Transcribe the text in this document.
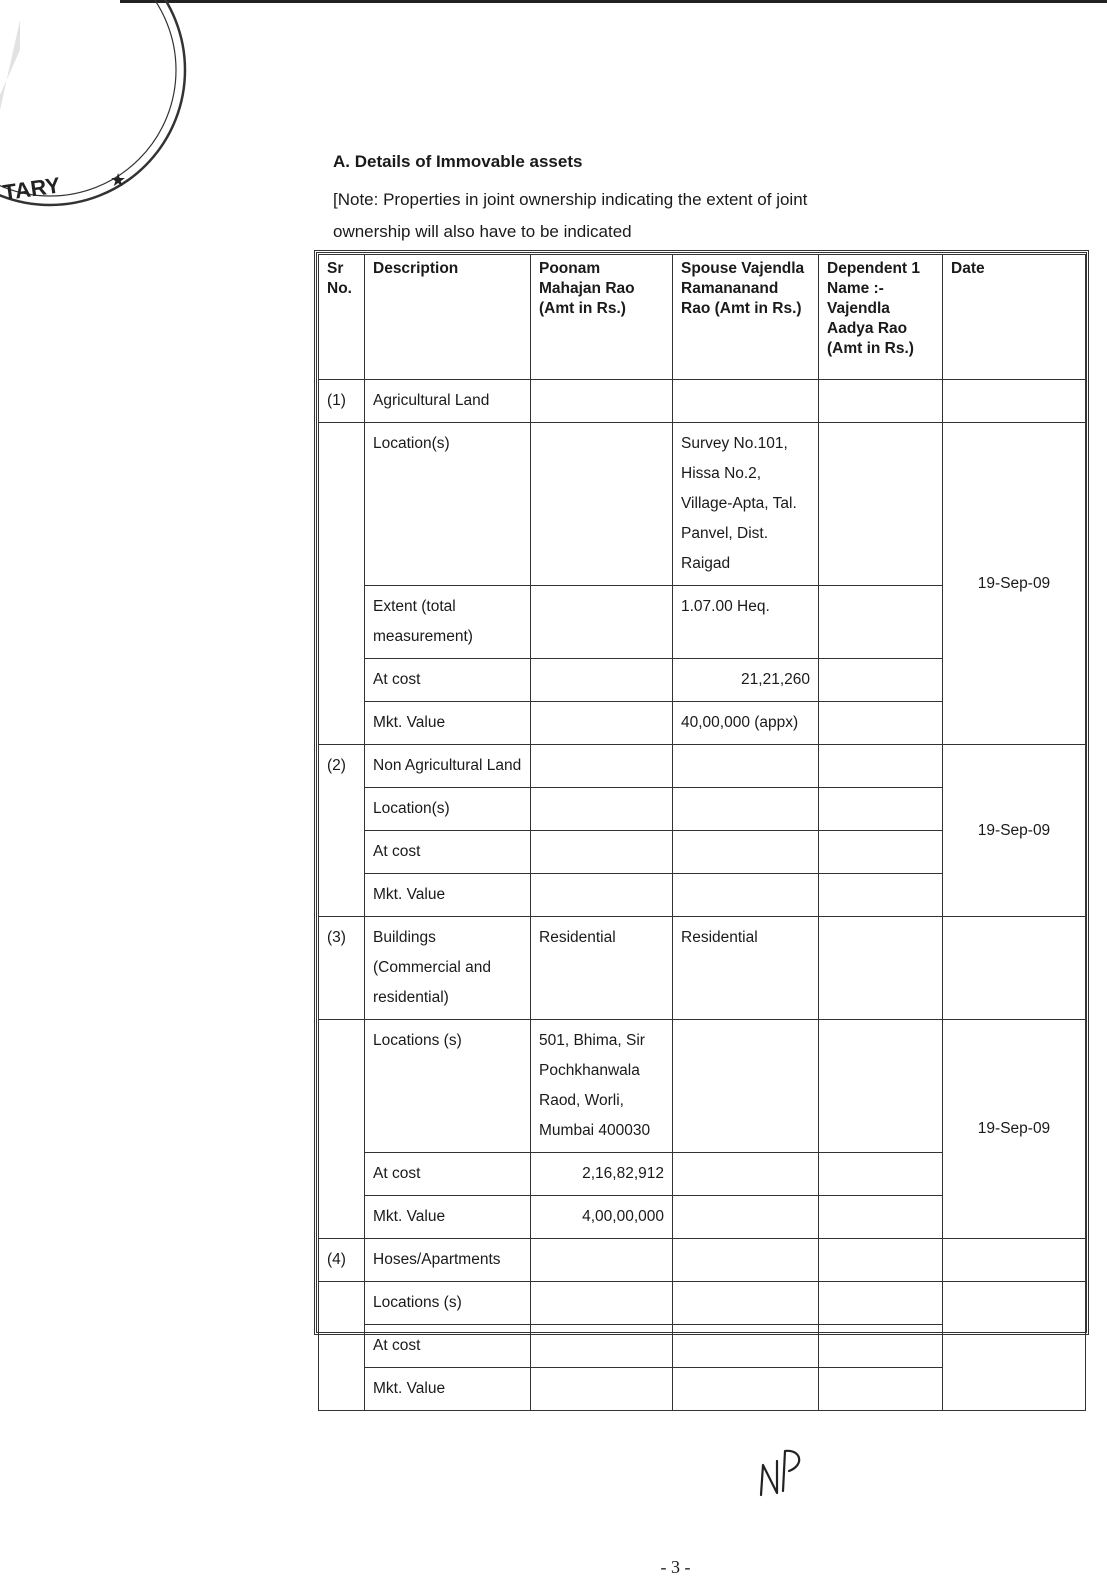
TARY	★
A. Details of Immovable assets
[Note: Properties in joint ownership indicating the extent of joint
ownership will also have to be indicated
Sr No.	Description	Poonam Mahajan Rao (Amt in Rs.)	Spouse Vajendla Ramananand Rao (Amt in Rs.)	Dependent 1 Name :- Vajendla Aadya Rao (Amt in Rs.)	Date
(1)	Agricultural Land				
	Location(s)		Survey No.101, Hissa No.2, Village-Apta, Tal. Panvel, Dist. Raigad		19-Sep-09
	Extent (total measurement)		1.07.00 Heq.		
	At cost		21,21,260		
	Mkt. Value		40,00,000 (appx)		
(2)	Non Agricultural Land				19-Sep-09
	Location(s)				
	At cost				
	Mkt. Value				
(3)	Buildings (Commercial and residential)	Residential	Residential		
	Locations (s)	501, Bhima, Sir Pochkhanwala Raod, Worli, Mumbai 400030			19-Sep-09
	At cost	2,16,82,912			
	Mkt. Value	4,00,00,000			
(4)	Hoses/Apartments				
	Locations (s)				
	At cost				
	Mkt. Value				
- 3 -
